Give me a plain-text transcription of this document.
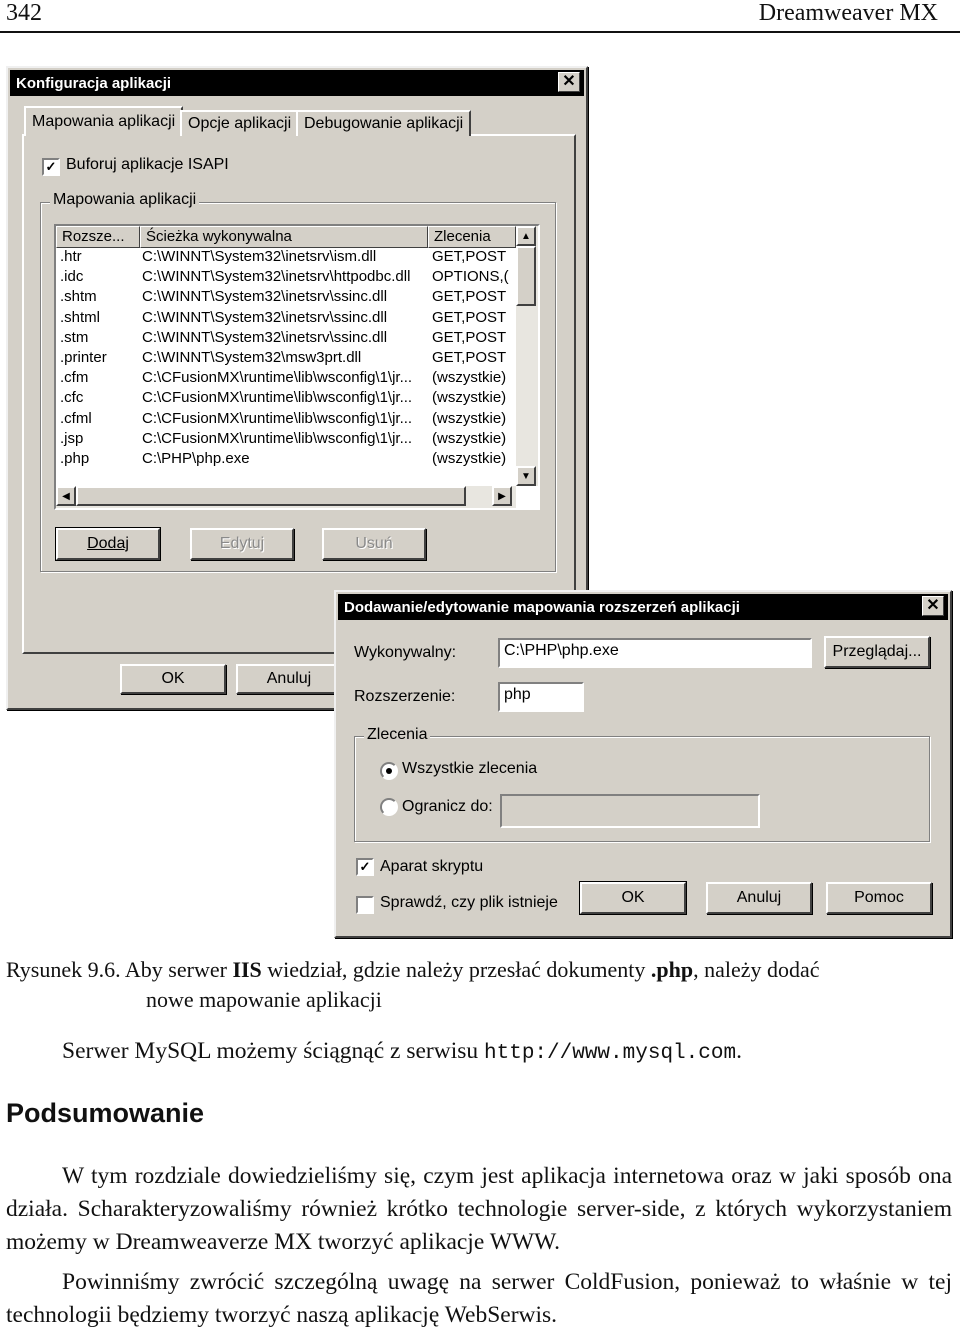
342	Dreamweaver MX
Konfiguracja aplikacji	✕
Mapowania aplikacji Opcje aplikacji Debugowanie aplikacji
✓ Buforuj aplikacje ISAPI
Mapowania aplikacji
Rozsze...	Ścieżka wykonywalna	Zlecenia
.htr	C:\WINNT\System32\inetsrv\ism.dll	GET,POST
.idc	C:\WINNT\System32\inetsrv\httpodbc.dll	OPTIONS,(
.shtm	C:\WINNT\System32\inetsrv\ssinc.dll	GET,POST
.shtml	C:\WINNT\System32\inetsrv\ssinc.dll	GET,POST
.stm	C:\WINNT\System32\inetsrv\ssinc.dll	GET,POST
.printer	C:\WINNT\System32\msw3prt.dll	GET,POST
.cfm	C:\CFusionMX\runtime\lib\wsconfig\1\jr...	(wszystkie)
.cfc	C:\CFusionMX\runtime\lib\wsconfig\1\jr...	(wszystkie)
.cfml	C:\CFusionMX\runtime\lib\wsconfig\1\jr...	(wszystkie)
.jsp	C:\CFusionMX\runtime\lib\wsconfig\1\jr...	(wszystkie)
.php	C:\PHP\php.exe	(wszystkie)
▲
▼
◀	▶
Dodaj	Edytuj	Usuń
OK	Anuluj
Dodawanie/edytowanie mapowania rozszerzeń aplikacji	✕
Wykonywalny:	C:\PHP\php.exe	Przeglądaj...
Rozszerzenie:	php
Zlecenia
Wszystkie zlecenia
Ogranicz do:
✓ Aparat skryptu
Sprawdź, czy plik istnieje	OK	Anuluj	Pomoc
Rysunek 9.6. Aby serwer IIS wiedział, gdzie należy przesłać dokumenty .php, należy dodać
nowe mapowanie aplikacji
Serwer MySQL możemy ściągnąć z serwisu http://www.mysql.com.
Podsumowanie
W tym rozdziale dowiedzieliśmy się, czym jest aplikacja internetowa oraz w jaki sposób ona działa. Scharakteryzowaliśmy również krótko technologie server-side, z których wykorzystaniem możemy w Dreamweaverze MX tworzyć aplikacje WWW.
Powinniśmy zwrócić szczególną uwagę na serwer ColdFusion, ponieważ to właśnie w tej technologii będziemy tworzyć naszą aplikację WebSerwis.
